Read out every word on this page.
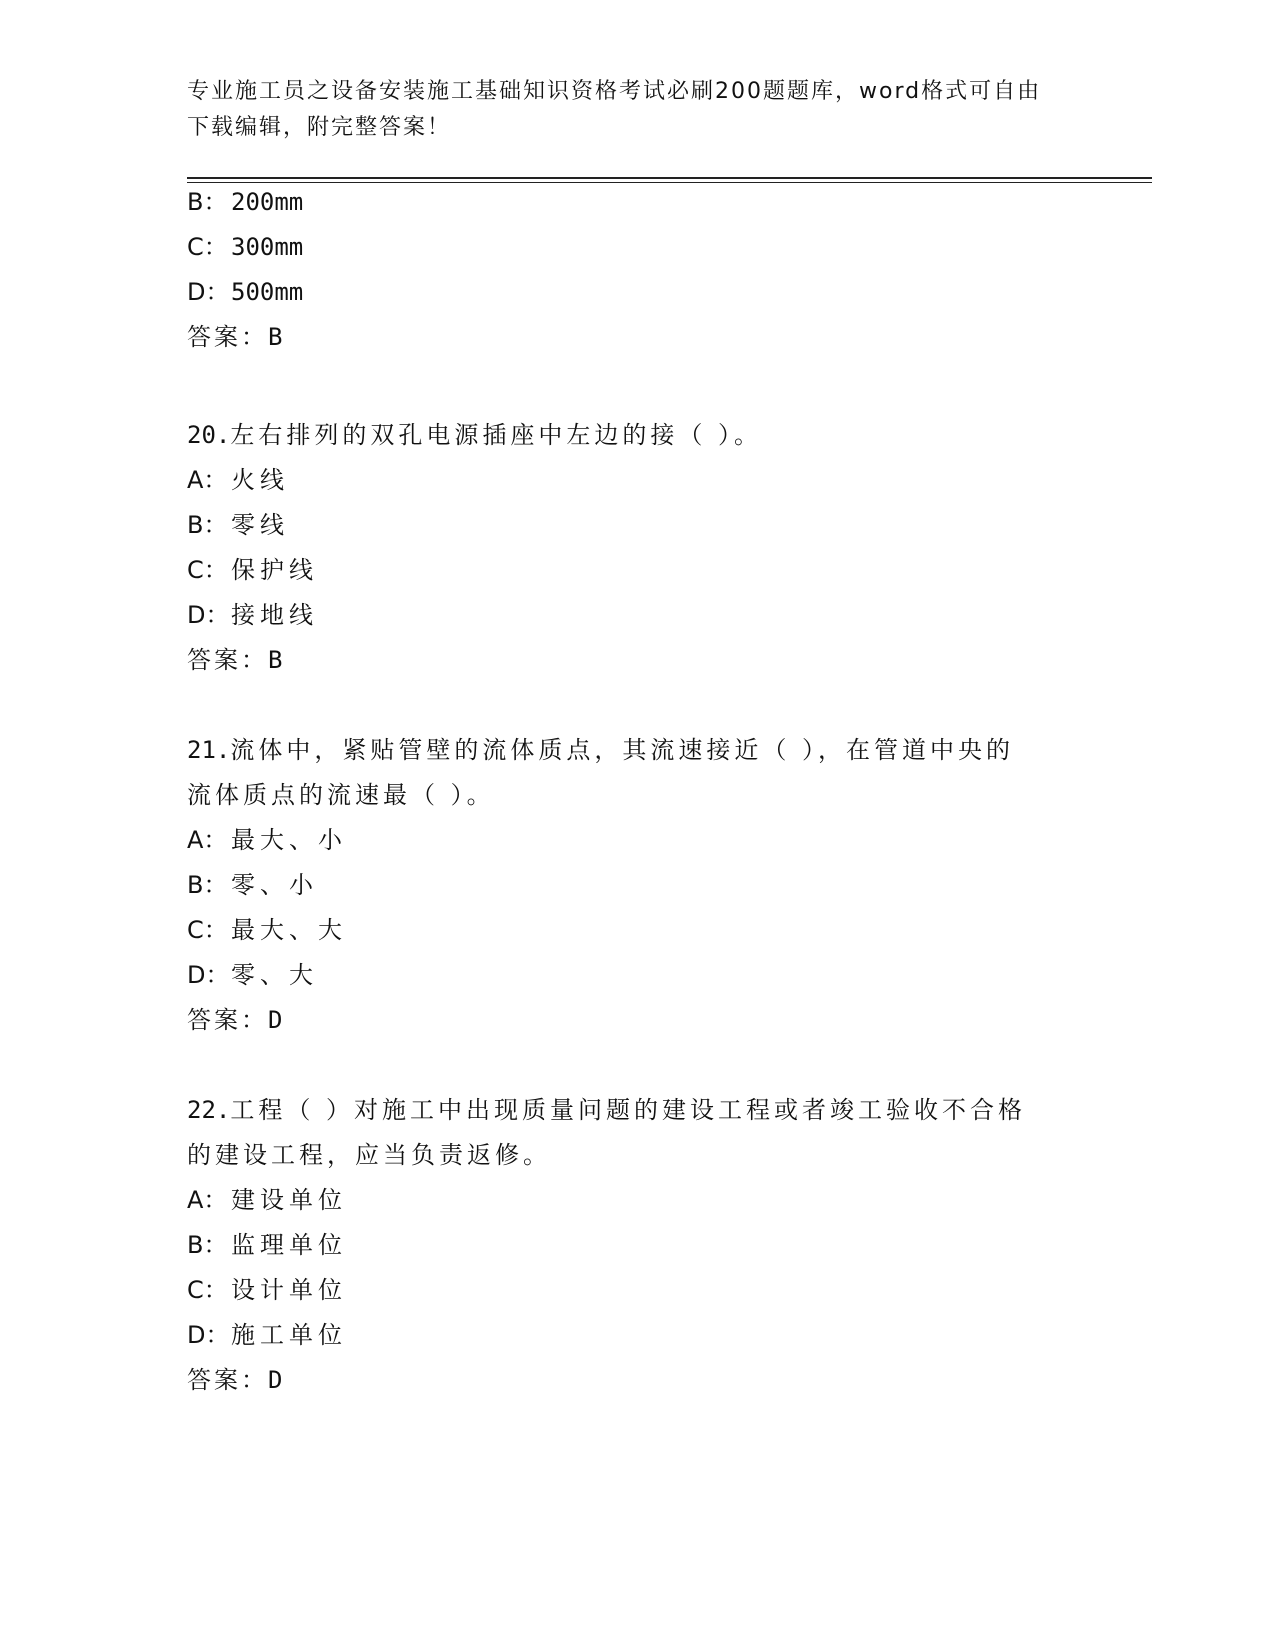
专业施工员之设备安装施工基础知识资格考试必刷200题题库，word格式可自由
下载编辑，附完整答案！
B： 200mm
C： 300mm
D：500mm
答案：B
20.左右排列的双孔电源插座中左边的接（ ）。
A： 火线
B： 零线
C： 保护线
D：接地线
答案：B
21.流体中，紧贴管壁的流体质点，其流速接近（ ），在管道中央的
流体质点的流速最（ ）。
A： 最大、小
B： 零、小
C： 最大、大
D：零、大
答案：D
22.工程（ ）对施工中出现质量问题的建设工程或者竣工验收不合格
的建设工程，应当负责返修。
A： 建设单位
B： 监理单位
C： 设计单位
D：施工单位
答案：D
